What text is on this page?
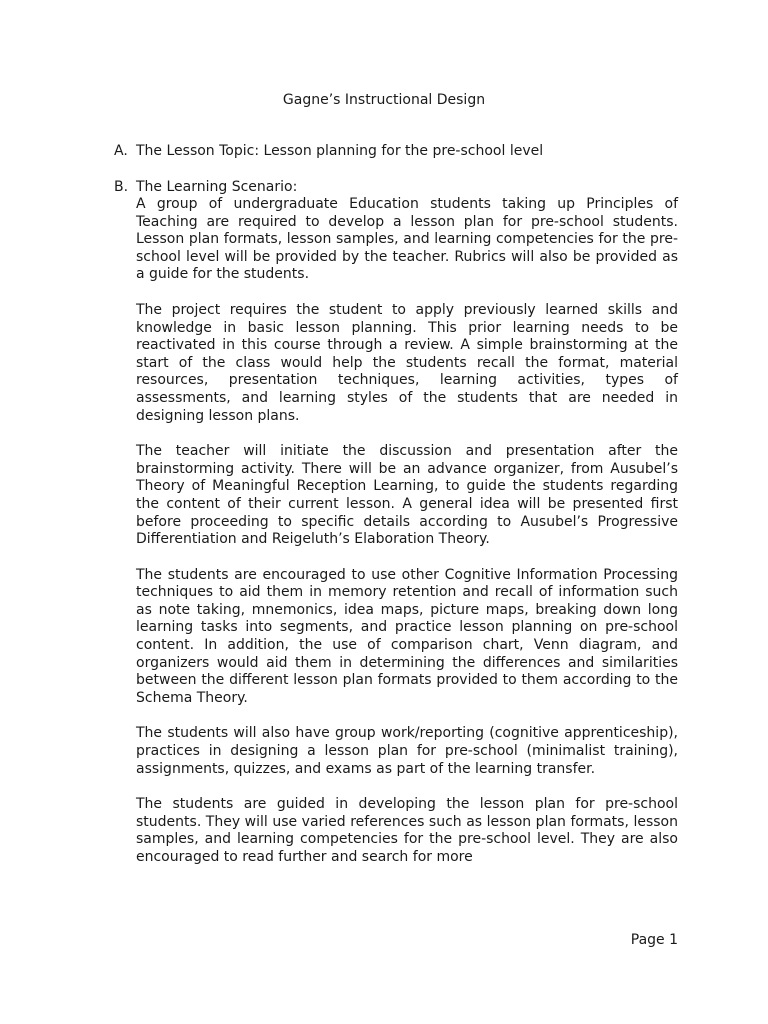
Gagne’s Instructional Design
A. The Lesson Topic: Lesson planning for the pre-school level
B. The Learning Scenario:

A group of undergraduate Education students taking up Principles of Teaching are required to develop a lesson plan for pre-school students. Lesson plan formats, lesson samples, and learning competencies for the pre-school level will be provided by the teacher. Rubrics will also be provided as a guide for the students.

The project requires the student to apply previously learned skills and knowledge in basic lesson planning. This prior learning needs to be reactivated in this course through a review. A simple brainstorming at the start of the class would help the students recall the format, material resources, presentation techniques, learning activities, types of assessments, and learning styles of the students that are needed in designing lesson plans.

The teacher will initiate the discussion and presentation after the brainstorming activity. There will be an advance organizer, from Ausubel’s Theory of Meaningful Reception Learning, to guide the students regarding the content of their current lesson. A general idea will be presented first before proceeding to specific details according to Ausubel’s Progressive Differentiation and Reigeluth’s Elaboration Theory.

The students are encouraged to use other Cognitive Information Processing techniques to aid them in memory retention and recall of information such as note taking, mnemonics, idea maps, picture maps, breaking down long learning tasks into segments, and practice lesson planning on pre-school content. In addition, the use of comparison chart, Venn diagram, and organizers would aid them in determining the differences and similarities between the different lesson plan formats provided to them according to the Schema Theory.

The students will also have group work/reporting (cognitive apprenticeship), practices in designing a lesson plan for pre-school (minimalist training), assignments, quizzes, and exams as part of the learning transfer.

The students are guided in developing the lesson plan for pre-school students. They will use varied references such as lesson plan formats, lesson samples, and learning competencies for the pre-school level. They are also encouraged to read further and search for more

Page 1
